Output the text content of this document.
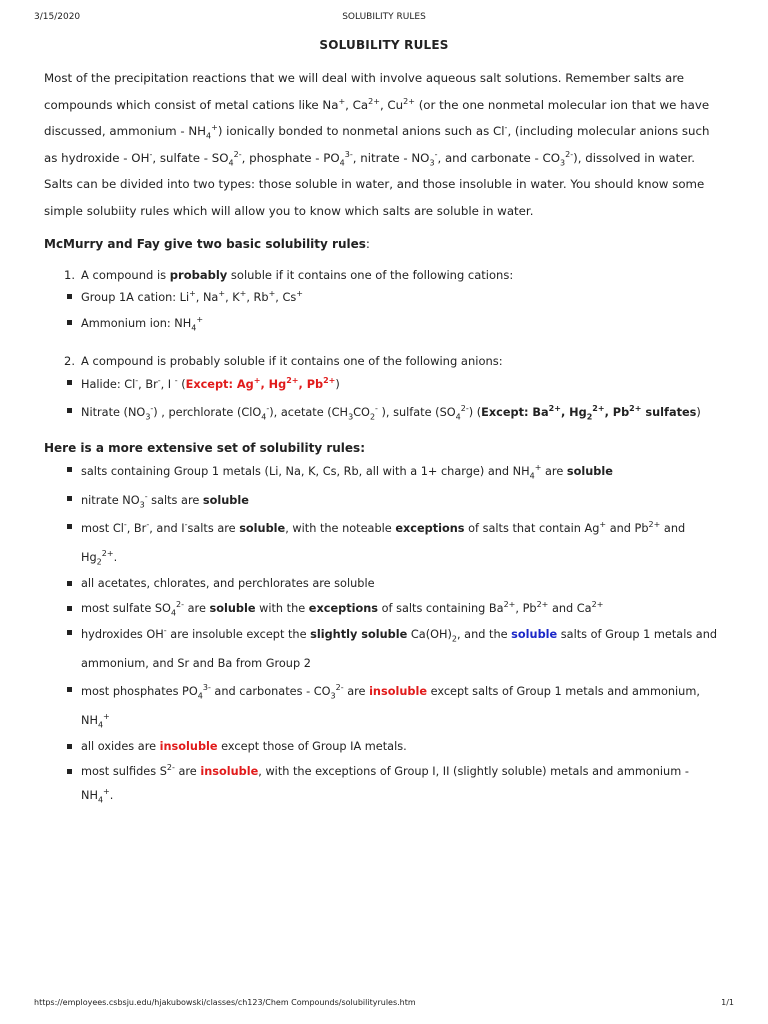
3/15/2020	SOLUBILITY RULES
SOLUBILITY RULES

Most of the precipitation reactions that we will deal with involve aqueous salt solutions. Remember salts are compounds which consist of metal cations like Na+, $Ca^{2+}$, $Cu^{2+}$ (or the one nonmetal molecular ion that we have discussed, ammonium - $NH_4^+$) ionically bonded to nonmetal anions such as Cl-, (including molecular anions such as hydroxide - OH-, sulfate - $SO_4^{2-}$, phosphate - $PO_4^{3-}$, nitrate - $NO_3^-$, and carbonate - $CO_3^{2-}$), dissolved in water. Salts can be divided into two types: those soluble in water, and those insoluble in water. You should know some simple solubiity rules which will allow you to know which salts are soluble in water.

McMurry and Fay give two basic solubility rules:
1. A compound is probably soluble if it contains one of the following cations:
Group 1A cation: Li+, Na+, K+, Rb+, Cs+
Ammonium ion: $NH_4^+$
2. A compound is probably soluble if it contains one of the following anions:
Halide: Cl-, Br-, I - (Except: Ag+, $Hg^{2+}$, $Pb^{2+}$)
Nitrate $(NO_3^-)$ , perchlorate (ClO$_4$-), acetate ($CH_3CO_2^-$ ), sulfate $(SO_4^{2-})$ (Except: $Ba^{2+}$, $Hg_2^{2+}$, $Pb^{2+}$ sulfates)
Here is a more extensive set of solubility rules:
salts containing Group 1 metals (Li, Na, K, Cs, Rb, all with a 1+ charge) and $NH_4^+$ are soluble
nitrate $NO_3^-$ salts are soluble
most Cl-, Br-, and I-salts are soluble, with the noteable exceptions of salts that contain Ag+ and $Pb^{2+}$ and $Hg_2^{2+}$.
all acetates, chlorates, and perchlorates are soluble
most sulfate $SO_4^{2-}$ are soluble with the exceptions of salts containing $Ba^{2+}$, $Pb^{2+}$ and $Ca^{2+}$
hydroxides OH- are insoluble except the slightly soluble $Ca(OH)_2$, and the soluble salts of Group 1 metals and ammonium, and Sr and Ba from Group 2
most phosphates $PO_4^{3-}$ and carbonates - $CO_3^{2-}$ are insoluble except salts of Group 1 metals and ammonium, $NH_4^+$
all oxides are insoluble except those of Group IA metals.
most sulfides $S^{2-}$ are insoluble, with the exceptions of Group I, II (slightly soluble) metals and ammonium - $NH_4^+$.
https://employees.csbsju.edu/hjakubowski/classes/ch123/Chem Compounds/solubilityrules.htm	1/1
